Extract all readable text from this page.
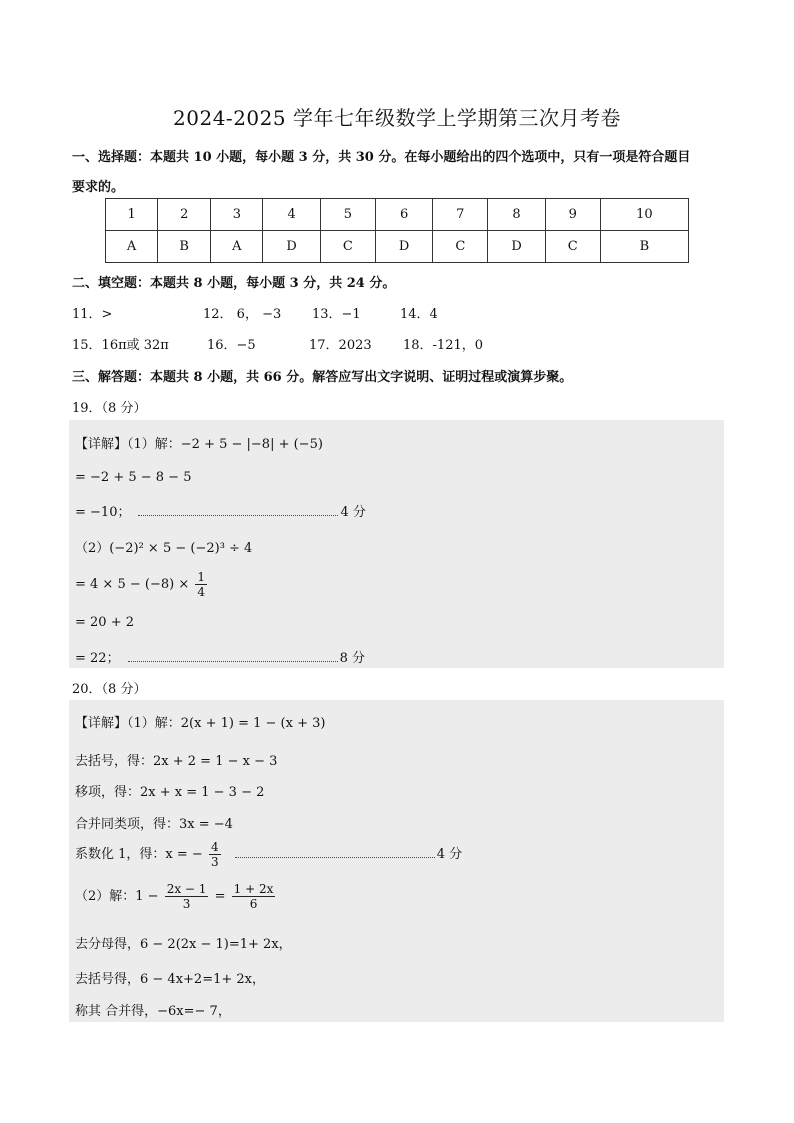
2024-2025 学年七年级数学上学期第三次月考卷
一、选择题：本题共 10 小题，每小题 3 分，共 30 分。在每小题给出的四个选项中，只有一项是符合题目
要求的。
1	2	3	4	5	6	7	8	9	10
A	B	A	D	C	D	C	D	C	B
二、填空题：本题共 8 小题，每小题 3 分，共 24 分。
11．>	12． 6， −3 13．−1	14．4
15．16π或 32π	16．−5	17．2023 18．-121，0
三、解答题：本题共 8 小题，共 66 分。解答应写出文字说明、证明过程或演算步聚。
19．（8 分）
【详解】（1）解：−2 + 5 − |−8| + (−5)
= −2 + 5 − 8 − 5
= −10；	4 分
（2）(−2)² × 5 − (−2)³ ÷ 4
= $4 \times 5 - (-8) \times \frac{1}{4}$
= 20 + 2
= 22；	8 分
20．（8 分）
【详解】（1）解：2(x + 1) = 1 − (x + 3)
去括号，得：2x + 2 = 1 − x − 3
移项，得：2x + x = 1 − 3 − 2
合并同类项，得：3x = −4
系数化 1，得：x = − $\frac{4}{3}$	4 分
（2）解：$1 - \frac{2x - 1}{3} = \frac{1 + 2x}{6}$
去分母得，6 − 2(2x − 1)=1+ 2x，
去括号得，6 − 4x+2=1+ 2x，
称其 合并得，−6x=− 7，
